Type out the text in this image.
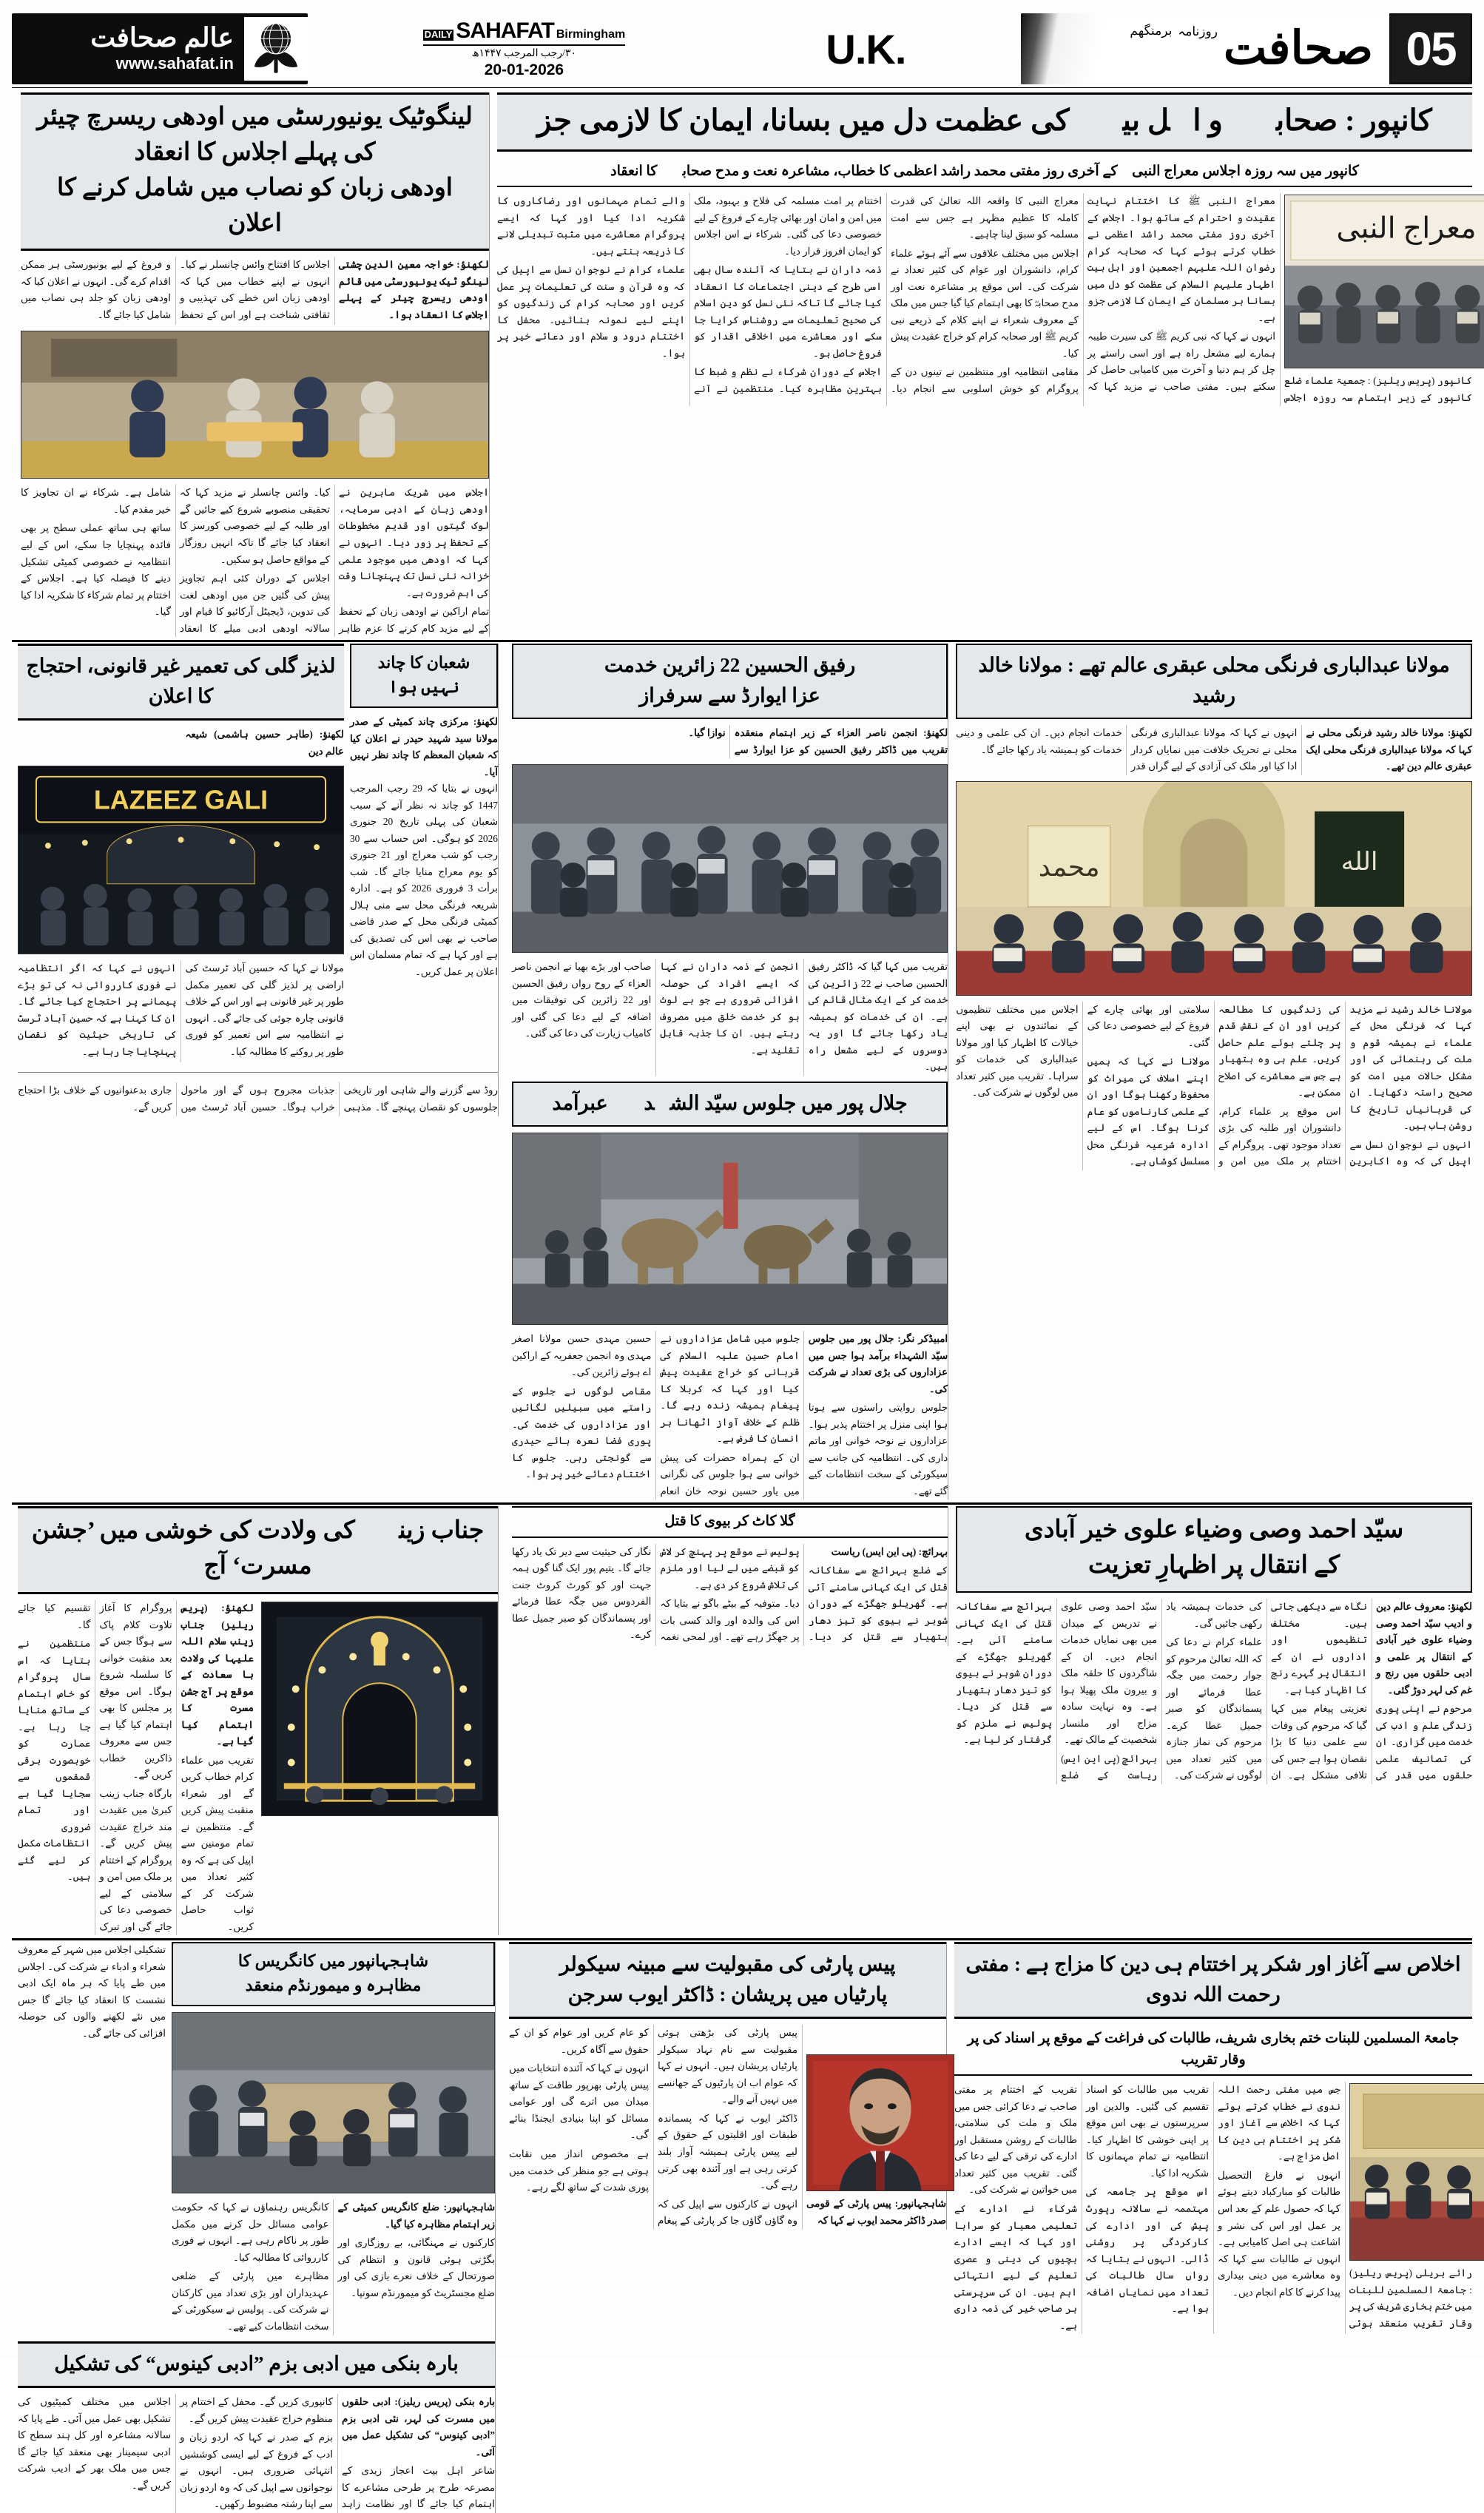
05
صحافت
روزنامہ
برمنگھم
DAILY SAHAFAT Birmingham
۳۰/رجب المرجب ۱۴۴۷ھ
20-01-2026	U.K.
عالم صحافت
www.sahafat.in
کانپور : صحابہؓ و اہل بیتؑ کی عظمت دل میں بسانا، ایمان کا لازمی جز
کانپور میں سہ روزہ اجلاس معراج النبیﷺ کے آخری روز مفتی محمد راشد اعظمی کا خطاب، مشاعرہ نعت و مدح صحابہؓ کا انعقاد
معراج النبی

کانپور (پریس ریلیز) : جمعیۃ علماء ضلع کانپور کے زیر اہتمام سہ روزہ اجلاس معراج النبی ﷺ کا اختتام نہایت عقیدت و احترام کے ساتھ ہوا۔ اجلاس کے آخری روز مفتی محمد راشد اعظمی نے خطاب کرتے ہوئے کہا کہ صحابہ کرام رضوان اللہ علیہم اجمعین اور اہل بیت اطہار علیہم السلام کی عظمت کو دل میں بسانا ہر مسلمان کے ایمان کا لازمی جزو ہے۔

انہوں نے کہا کہ نبی کریم ﷺ کی سیرت طیبہ ہمارے لیے مشعل راہ ہے اور اسی راستے پر چل کر ہم دنیا و آخرت میں کامیابی حاصل کر سکتے ہیں۔ مفتی صاحب نے مزید کہا کہ معراج النبی کا واقعہ اللہ تعالیٰ کی قدرت کاملہ کا عظیم مظہر ہے جس سے امت مسلمہ کو سبق لینا چاہیے۔

اجلاس میں مختلف علاقوں سے آئے ہوئے علماء کرام، دانشوران اور عوام کی کثیر تعداد نے شرکت کی۔ اس موقع پر مشاعرہ نعت اور مدح صحابہؓ کا بھی اہتمام کیا گیا جس میں ملک کے معروف شعراء نے اپنے کلام کے ذریعے نبی کریم ﷺ اور صحابہ کرام کو خراج عقیدت پیش کیا۔

مقامی انتظامیہ اور منتظمین نے تینوں دن کے پروگرام کو خوش اسلوبی سے انجام دیا۔ اختتام پر امت مسلمہ کی فلاح و بہبود، ملک میں امن و امان اور بھائی چارے کے فروغ کے لیے خصوصی دعا کی گئی۔ شرکاء نے اس اجلاس کو ایمان افروز قرار دیا۔

ذمہ داران نے بتایا کہ آئندہ سال بھی اسی طرح کے دینی اجتماعات کا انعقاد کیا جائے گا تاکہ نئی نسل کو دین اسلام کی صحیح تعلیمات سے روشناس کرایا جا سکے اور معاشرے میں اخلاقی اقدار کو فروغ حاصل ہو۔

اجلاس کے دوران شرکاء نے نظم و ضبط کا بہترین مظاہرہ کیا۔ منتظمین نے آنے والے تمام مہمانوں اور رضاکاروں کا شکریہ ادا کیا اور کہا کہ ایسے پروگرام معاشرے میں مثبت تبدیلی لانے کا ذریعہ بنتے ہیں۔

علماء کرام نے نوجوان نسل سے اپیل کی کہ وہ قرآن و سنت کی تعلیمات پر عمل کریں اور صحابہ کرام کی زندگیوں کو اپنے لیے نمونہ بنائیں۔ محفل کا اختتام درود و سلام اور دعائے خیر پر ہوا۔

لینگوٹیک یونیورسٹی میں اودھی ریسرچ چیئر کی پہلے اجلاس کا انعقاد
اودھی زبان کو نصاب میں شامل کرنے کا اعلان

لکھنؤ: خواجہ معین الدین چشتی لینگو ٹیک یونیورسٹی میں قائم اودھی ریسرچ چیئر کے پہلے اجلاس کا انعقاد ہوا۔

اجلاس کا افتتاح وائس چانسلر نے کیا۔ انہوں نے اپنے خطاب میں کہا کہ اودھی زبان اس خطے کی تہذیبی و ثقافتی شناخت ہے اور اس کے تحفظ و فروغ کے لیے یونیورسٹی ہر ممکن اقدام کرے گی۔ انہوں نے اعلان کیا کہ اودھی زبان کو جلد ہی نصاب میں شامل کیا جائے گا۔

اجلاس میں شریک ماہرین نے اودھی زبان کے ادبی سرمایہ، لوک گیتوں اور قدیم مخطوطات کے تحفظ پر زور دیا۔ انہوں نے کہا کہ اودھی میں موجود علمی خزانہ نئی نسل تک پہنچانا وقت کی اہم ضرورت ہے۔

تمام اراکین نے اودھی زبان کے تحفظ کے لیے مزید کام کرنے کا عزم ظاہر کیا۔ وائس چانسلر نے مزید کہا کہ تحقیقی منصوبے شروع کیے جائیں گے اور طلبہ کے لیے خصوصی کورسز کا انعقاد کیا جائے گا تاکہ انہیں روزگار کے مواقع حاصل ہو سکیں۔

اجلاس کے دوران کئی اہم تجاویز پیش کی گئیں جن میں اودھی لغت کی تدوین، ڈیجیٹل آرکائیو کا قیام اور سالانہ اودھی ادبی میلے کا انعقاد شامل ہے۔ شرکاء نے ان تجاویز کا خیر مقدم کیا۔

ساتھ ہی ساتھ عملی سطح پر بھی فائدہ پہنچایا جا سکے، اس کے لیے انتظامیہ نے خصوصی کمیٹی تشکیل دینے کا فیصلہ کیا ہے۔ اجلاس کے اختتام پر تمام شرکاء کا شکریہ ادا کیا گیا۔

مولانا عبدالباری فرنگی محلی عبقری عالم تھے : مولانا خالد رشید

لکھنؤ: مولانا خالد رشید فرنگی محلی نے کہا کہ مولانا عبدالباری فرنگی محلی ایک عبقری عالم دین تھے۔

انہوں نے کہا کہ مولانا عبدالباری فرنگی محلی نے تحریک خلافت میں نمایاں کردار ادا کیا اور ملک کی آزادی کے لیے گراں قدر خدمات انجام دیں۔ ان کی علمی و دینی خدمات کو ہمیشہ یاد رکھا جائے گا۔

الله
محمد

مولانا خالد رشید نے مزید کہا کہ فرنگی محل کے علماء نے ہمیشہ قوم و ملت کی رہنمائی کی اور مشکل حالات میں امت کو صحیح راستہ دکھایا۔ ان کی قربانیاں تاریخ کا روشن باب ہیں۔

انہوں نے نوجوان نسل سے اپیل کی کہ وہ اکابرین کی زندگیوں کا مطالعہ کریں اور ان کے نقش قدم پر چلتے ہوئے علم حاصل کریں۔ علم ہی وہ ہتھیار ہے جس سے معاشرے کی اصلاح ممکن ہے۔

اس موقع پر علماء کرام، دانشوران اور طلبہ کی بڑی تعداد موجود تھی۔ پروگرام کے اختتام پر ملک میں امن و سلامتی اور بھائی چارے کے فروغ کے لیے خصوصی دعا کی گئی۔

مولانا نے کہا کہ ہمیں اپنے اسلاف کی میراث کو محفوظ رکھنا ہوگا اور ان کے علمی کارناموں کو عام کرنا ہوگا۔ اس کے لیے ادارہ شرعیہ فرنگی محل مسلسل کوشاں ہے۔

اجلاس میں مختلف تنظیموں کے نمائندوں نے بھی اپنے خیالات کا اظہار کیا اور مولانا عبدالباری کی خدمات کو سراہا۔ تقریب میں کثیر تعداد میں لوگوں نے شرکت کی۔

رفیق الحسین 22 زائرین خدمت
عزا ایوارڈ سے سرفراز

لکھنؤ: انجمن ناصر العزاء کے زیر اہتمام منعقدہ تقریب میں ڈاکٹر رفیق الحسین کو عزا ایوارڈ سے نوازا گیا۔

تقریب میں کہا گیا کہ ڈاکٹر رفیق الحسین صاحب نے 22 زائرین کی خدمت کر کے ایک مثال قائم کی ہے۔ ان کی خدمات کو ہمیشہ یاد رکھا جائے گا اور یہ دوسروں کے لیے مشعل راہ ہیں۔

انجمن کے ذمہ داران نے کہا کہ ایسے افراد کی حوصلہ افزائی ضروری ہے جو بے لوث ہو کر خدمت خلق میں مصروف رہتے ہیں۔ ان کا جذبہ قابل تقلید ہے۔

صاحب اور بڑے بھیا نے انجمن ناصر العزاء کے روح رواں رفیق الحسین اور 22 زائرین کی توفیقات میں اضافہ کے لیے دعا کی گئی اور کامیاب زیارت کی دعا کی گئی۔

جلال پور میں جلوس سیّد الشہداؑ عبرآمد

امبیڈکر نگر: جلال پور میں جلوس سیّد الشہداء برآمد ہوا جس میں عزاداروں کی بڑی تعداد نے شرکت کی۔

جلوس روایتی راستوں سے ہوتا ہوا اپنی منزل پر اختتام پذیر ہوا۔ عزاداروں نے نوحہ خوانی اور ماتم داری کی۔ انتظامیہ کی جانب سے سیکورٹی کے سخت انتظامات کیے گئے تھے۔

جلوس میں شامل عزاداروں نے امام حسین علیہ السلام کی قربانی کو خراج عقیدت پیش کیا اور کہا کہ کربلا کا پیغام ہمیشہ زندہ رہے گا۔ ظلم کے خلاف آواز اٹھانا ہر انسان کا فرض ہے۔

ان کے ہمراہ حضرات کی پیش خوانی سے ہوا جلوس کی نگرانی میں یاور حسین نوحہ خان انعام حسین مہدی حسن مولانا اصغر مہدی وہ انجمن جعفریہ کے اراکین اے ہوئے زائرین کی۔

مقامی لوگوں نے جلوس کے راستے میں سبیلیں لگائیں اور عزاداروں کی خدمت کی۔ پوری فضا نعرہ ہائے حیدری سے گونجتی رہی۔ جلوس کا اختتام دعائے خیر پر ہوا۔

شعبان کا چاند
نہیں ہوا

لکھنؤ: مرکزی چاند کمیٹی کے صدر مولانا سید شہید حیدر نے اعلان کیا کہ شعبان المعظم کا چاند نظر نہیں آیا۔

انہوں نے بتایا کہ 29 رجب المرجب 1447 کو چاند نہ نظر آنے کے سبب شعبان کی پہلی تاریخ 20 جنوری 2026 کو ہوگی۔ اس حساب سے 30 رجب کو شب معراج اور 21 جنوری کو یوم معراج منایا جائے گا۔ شب برأت 3 فروری 2026 کو ہے۔ ادارہ شریعہ فرنگی محل سے منی ہلال کمیٹی فرنگی محل کے صدر قاضی صاحب نے بھی اس کی تصدیق کی ہے اور کہا ہے کہ تمام مسلمان اس اعلان پر عمل کریں۔

لذیز گلی کی تعمیر غیر قانونی، احتجاج کا اعلان

لکھنؤ: (طاہر حسین ہاشمی) شیعہ عالم دین

LAZEEZ GALI

مولانا نے کہا کہ حسین آباد ٹرسٹ کی اراضی پر لذیز گلی کی تعمیر مکمل طور پر غیر قانونی ہے اور اس کے خلاف قانونی چارہ جوئی کی جائے گی۔ انہوں نے انتظامیہ سے اس تعمیر کو فوری طور پر روکنے کا مطالبہ کیا۔

انہوں نے کہا کہ اگر انتظامیہ نے فوری کارروائی نہ کی تو بڑے پیمانے پر احتجاج کیا جائے گا۔ ان کا کہنا ہے کہ حسین آباد ٹرسٹ کی تاریخی حیثیت کو نقصان پہنچایا جا رہا ہے۔

روڈ سے گزرنے والے شاہی اور تاریخی جلوسوں کو نقصان پہنچے گا۔ مذہبی جذبات مجروح ہوں گے اور ماحول خراب ہوگا۔ حسین آباد ٹرسٹ میں جاری بدعنوانیوں کے خلاف بڑا احتجاج کریں گے۔

سیّد احمد وصی وضیاء علوی خیر آبادی
کے انتقال پر اظہارِ تعزیت

لکھنؤ: معروف عالم دین و ادیب سیّد احمد وصی وضیاء علوی خیر آبادی کے انتقال پر علمی و ادبی حلقوں میں رنج و غم کی لہر دوڑ گئی۔

مرحوم نے اپنی پوری زندگی علم و ادب کی خدمت میں گزاری۔ ان کی تصانیف علمی حلقوں میں قدر کی نگاہ سے دیکھی جاتی ہیں۔ مختلف تنظیموں اور اداروں نے ان کے انتقال پر گہرے رنج کا اظہار کیا ہے۔

تعزیتی پیغام میں کہا گیا کہ مرحوم کی وفات سے علمی دنیا کا بڑا نقصان ہوا ہے جس کی تلافی مشکل ہے۔ ان کی خدمات ہمیشہ یاد رکھی جائیں گی۔

علماء کرام نے دعا کی کہ اللہ تعالیٰ مرحوم کو جوار رحمت میں جگہ عطا فرمائے اور پسماندگان کو صبر جمیل عطا کرے۔ مرحوم کی نماز جنازہ میں کثیر تعداد میں لوگوں نے شرکت کی۔

سیّد احمد وصی علوی نے تدریس کے میدان میں بھی نمایاں خدمات انجام دیں۔ ان کے شاگردوں کا حلقہ ملک و بیرون ملک پھیلا ہوا ہے۔ وہ نہایت سادہ مزاج اور ملنسار شخصیت کے مالک تھے۔

بہرائچ (پی این ایس) ریاست کے ضلع بہرائچ سے سفاکانہ قتل کی ایک کہانی سامنے آئی ہے۔ گھریلو جھگڑے کے دوران شوہر نے بیوی کو تیز دھار ہتھیار سے قتل کر دیا۔ پولیس نے ملزم کو گرفتار کر لیا ہے۔

گلا کاٹ کر بیوی کا قتل

بہرائچ: (پی این ایس) ریاست

کے ضلع بہرائچ سے سفاکانہ قتل کی ایک کہانی سامنے آئی ہے۔ گھریلو جھگڑے کے دوران شوہر نے بیوی کو تیز دھار ہتھیار سے قتل کر دیا۔ پولیس نے موقع پر پہنچ کر لاش کو قبضے میں لے لیا اور ملزم کی تلاش شروع کر دی ہے۔

دیا۔ متوفیہ کے بیٹے باگو نے بتایا کہ اس کی والدہ اور والد کسی بات پر جھگڑ رہے تھے۔ اور لمحی نغمہ نگار کی حیثیت سے دیر تک یاد رکھا جائے گا۔ یتیم پور ایک گنا گوں ہمہ جہت اور کو کورٹ کروٹ جنت الفردوس میں جگہ عطا فرمائے اور پسماندگان کو صبر جمیل عطا کرے۔

جناب زینبؑ کی ولادت کی خوشی میں ’جشن مسرت‘ آج

لکھنؤ: (پریس ریلیز) جناب زینب سلام اللہ علیہا کی ولادت با سعادت کے موقع پر آج جشن مسرت کا اہتمام کیا گیا ہے۔

تقریب میں علماء کرام خطاب کریں گے اور شعراء منقبت پیش کریں گے۔ منتظمین نے تمام مومنین سے اپیل کی ہے کہ وہ کثیر تعداد میں شرکت کر کے ثواب حاصل کریں۔

پروگرام کا آغاز تلاوت کلام پاک سے ہوگا جس کے بعد منقبت خوانی کا سلسلہ شروع ہوگا۔ اس موقع پر مجلس کا بھی اہتمام کیا گیا ہے جس سے معروف ذاکرین خطاب کریں گے۔

بارگاہ جناب زینب کبریٰ میں عقیدت مند خراج عقیدت پیش کریں گے۔ پروگرام کے اختتام پر ملک میں امن و سلامتی کے لیے خصوصی دعا کی جائے گی اور تبرک تقسیم کیا جائے گا۔

منتظمین نے بتایا کہ اس سال پروگرام کو خاص اہتمام کے ساتھ منایا جا رہا ہے۔ عمارت کو خوبصورت برقی قمقموں سے سجایا گیا ہے اور تمام ضروری انتظامات مکمل کر لیے گئے ہیں۔

اخلاص سے آغاز اور شکر پر اختتام ہی دین کا مزاج ہے : مفتی رحمت اللہ ندوی
جامعۃ المسلمین للبنات ختم بخاری شریف، طالبات کی فراغت کے موقع پر اسناد کی پر وقار تقریب

رائے بریلی (پریس ریلیز) : جامعۃ المسلمین للبنات میں ختم بخاری شریف کی پر وقار تقریب منعقد ہوئی جس میں مفتی رحمت اللہ ندوی نے خطاب کرتے ہوئے کہا کہ اخلاص سے آغاز اور شکر پر اختتام ہی دین کا اصل مزاج ہے۔

انہوں نے فارغ التحصیل طالبات کو مبارکباد دیتے ہوئے کہا کہ حصول علم کے بعد اس پر عمل اور اس کی نشر و اشاعت ہی اصل کامیابی ہے۔ انہوں نے طالبات سے کہا کہ وہ معاشرے میں دینی بیداری پیدا کرنے کا کام انجام دیں۔

تقریب میں طالبات کو اسناد تقسیم کی گئیں۔ والدین اور سرپرستوں نے بھی اس موقع پر اپنی خوشی کا اظہار کیا۔ انتظامیہ نے تمام مہمانوں کا شکریہ ادا کیا۔

اس موقع پر جامعہ کی مہتممہ نے سالانہ رپورٹ پیش کی اور ادارے کی کارکردگی پر روشنی ڈالی۔ انہوں نے بتایا کہ رواں سال طالبات کی تعداد میں نمایاں اضافہ ہوا ہے۔

تقریب کے اختتام پر مفتی صاحب نے دعا کرائی جس میں ملک و ملت کی سلامتی، طالبات کے روشن مستقبل اور ادارے کی ترقی کے لیے دعا کی گئی۔ تقریب میں کثیر تعداد میں خواتین نے شرکت کی۔

شرکاء نے ادارے کے تعلیمی معیار کو سراہا اور کہا کہ ایسے ادارے بچیوں کی دینی و عصری تعلیم کے لیے انتہائی اہم ہیں۔ ان کی سرپرستی ہر صاحب خیر کی ذمہ داری ہے۔

پیس پارٹی کی مقبولیت سے مبینہ سیکولر
پارٹیاں میں پریشان : ڈاکٹر ایوب سرجن

شاہجہانپور: پیس پارٹی کے قومی صدر ڈاکٹر محمد ایوب نے کہا کہ

پیس پارٹی کی بڑھتی ہوئی مقبولیت سے نام نہاد سیکولر پارٹیاں پریشان ہیں۔ انہوں نے کہا کہ عوام اب ان پارٹیوں کے جھانسے میں نہیں آنے والے۔

ڈاکٹر ایوب نے کہا کہ پسماندہ طبقات اور اقلیتوں کے حقوق کے لیے پیس پارٹی ہمیشہ آواز بلند کرتی رہی ہے اور آئندہ بھی کرتی رہے گی۔

انہوں نے کارکنوں سے اپیل کی کہ وہ گاؤں گاؤں جا کر پارٹی کے پیغام کو عام کریں اور عوام کو ان کے حقوق سے آگاہ کریں۔

انہوں نے کہا کہ آئندہ انتخابات میں پیس پارٹی بھرپور طاقت کے ساتھ میدان میں اترے گی اور عوامی مسائل کو اپنا بنیادی ایجنڈا بنائے گی۔

ہے مخصوص انداز میں نقابت ہوتی ہے جو منظر کی خدمت میں پوری شدت کے ساتھ لگے رہے۔

شاہجہانپور میں کانگریس کا
مظاہرہ و میمورنڈم منعقد

شاہجہانپور: ضلع کانگریس کمیٹی کے زیر اہتمام مظاہرہ کیا گیا۔

کارکنوں نے مہنگائی، بے روزگاری اور بگڑتی ہوئی قانون و انتظام کی صورتحال کے خلاف نعرے بازی کی اور ضلع مجسٹریٹ کو میمورنڈم سونپا۔

کانگریس رہنماؤں نے کہا کہ حکومت عوامی مسائل حل کرنے میں مکمل طور پر ناکام رہی ہے۔ انہوں نے فوری کارروائی کا مطالبہ کیا۔

مظاہرے میں پارٹی کے ضلعی عہدیداران اور بڑی تعداد میں کارکنان نے شرکت کی۔ پولیس نے سیکورٹی کے سخت انتظامات کیے تھے۔

تشکیلی اجلاس میں شہر کے معروف شعراء و ادباء نے شرکت کی۔ اجلاس میں طے پایا کہ ہر ماہ ایک ادبی نشست کا انعقاد کیا جائے گا جس میں نئے لکھنے والوں کی حوصلہ افزائی کی جائے گی۔

بارہ بنکی میں ادبی بزم ”ادبی کینوس“ کی تشکیل

بارہ بنکی (پریس ریلیز): ادبی حلقوں میں مسرت کی لہر، نئی ادبی بزم ”ادبی کینوس“ کی تشکیل عمل میں آئی۔

شاعر اہل بیت اعجاز زیدی کے مصرعہ طرح پر طرحی مشاعرے کا اہتمام کیا جائے گا اور نظامت زاہد کانپوری کریں گے۔ محفل کے اختتام پر منظوم خراج عقیدت پیش کریں گے۔

بزم کے صدر نے کہا کہ اردو زبان و ادب کے فروغ کے لیے ایسی کوششیں انتہائی ضروری ہیں۔ انہوں نے نوجوانوں سے اپیل کی کہ وہ اردو زبان سے اپنا رشتہ مضبوط رکھیں۔

اجلاس میں مختلف کمیٹیوں کی تشکیل بھی عمل میں آئی۔ طے پایا کہ سالانہ مشاعرہ اور کل ہند سطح کا ادبی سیمینار بھی منعقد کیا جائے گا جس میں ملک بھر کے ادیب شرکت کریں گے۔
